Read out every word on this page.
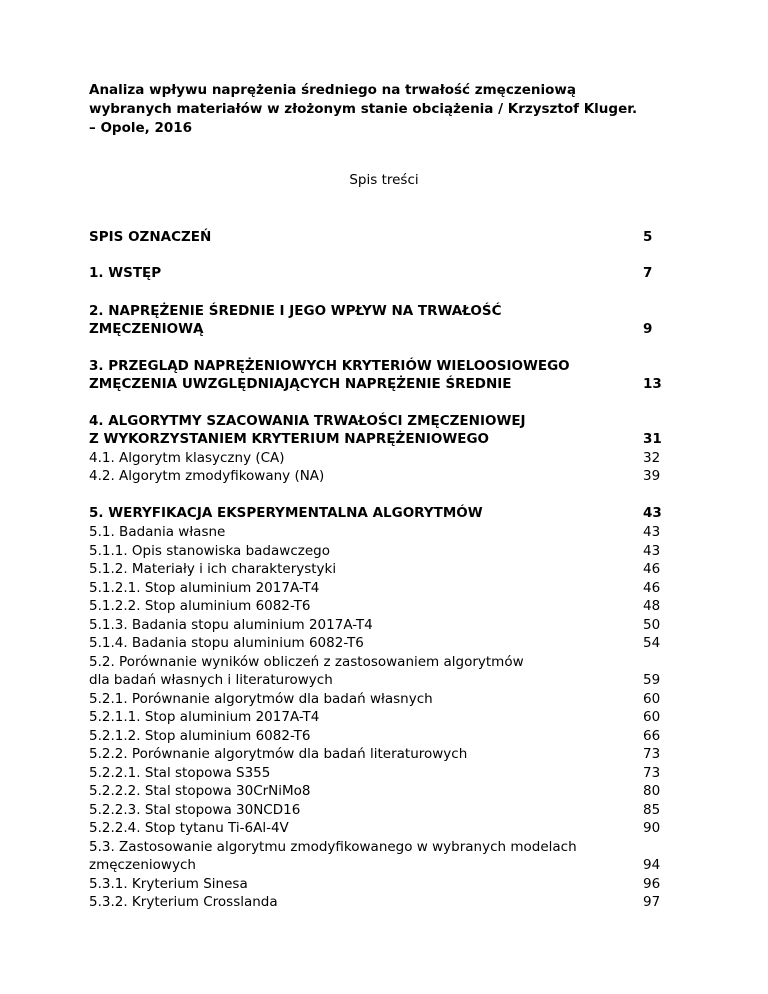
Analiza wpływu naprężenia średniego na trwałość zmęczeniową
wybranych materiałów w złożonym stanie obciążenia / Krzysztof Kluger.
– Opole, 2016
Spis treści
SPIS OZNACZEŃ	5
1. WSTĘP	7
2. NAPRĘŻENIE ŚREDNIE I JEGO WPŁYW NA TRWAŁOŚĆ
ZMĘCZENIOWĄ	9
3. PRZEGLĄD NAPRĘŻENIOWYCH KRYTERIÓW WIELOOSIOWEGO
ZMĘCZENIA UWZGLĘDNIAJĄCYCH NAPRĘŻENIE ŚREDNIE	13
4. ALGORYTMY SZACOWANIA TRWAŁOŚCI ZMĘCZENIOWEJ
Z WYKORZYSTANIEM KRYTERIUM NAPRĘŻENIOWEGO	31
4.1. Algorytm klasyczny (CA)	32
4.2. Algorytm zmodyfikowany (NA)	39
5. WERYFIKACJA EKSPERYMENTALNA ALGORYTMÓW	43
5.1. Badania własne	43
5.1.1. Opis stanowiska badawczego	43
5.1.2. Materiały i ich charakterystyki	46
5.1.2.1. Stop aluminium 2017A-T4	46
5.1.2.2. Stop aluminium 6082-T6	48
5.1.3. Badania stopu aluminium 2017A-T4	50
5.1.4. Badania stopu aluminium 6082-T6	54
5.2. Porównanie wyników obliczeń z zastosowaniem algorytmów
dla badań własnych i literaturowych	59
5.2.1. Porównanie algorytmów dla badań własnych	60
5.2.1.1. Stop aluminium 2017A-T4	60
5.2.1.2. Stop aluminium 6082-T6	66
5.2.2. Porównanie algorytmów dla badań literaturowych	73
5.2.2.1. Stal stopowa S355	73
5.2.2.2. Stal stopowa 30CrNiMo8	80
5.2.2.3. Stal stopowa 30NCD16	85
5.2.2.4. Stop tytanu Ti-6Al-4V	90
5.3. Zastosowanie algorytmu zmodyfikowanego w wybranych modelach
zmęczeniowych	94
5.3.1. Kryterium Sinesa	96
5.3.2. Kryterium Crosslanda	97
